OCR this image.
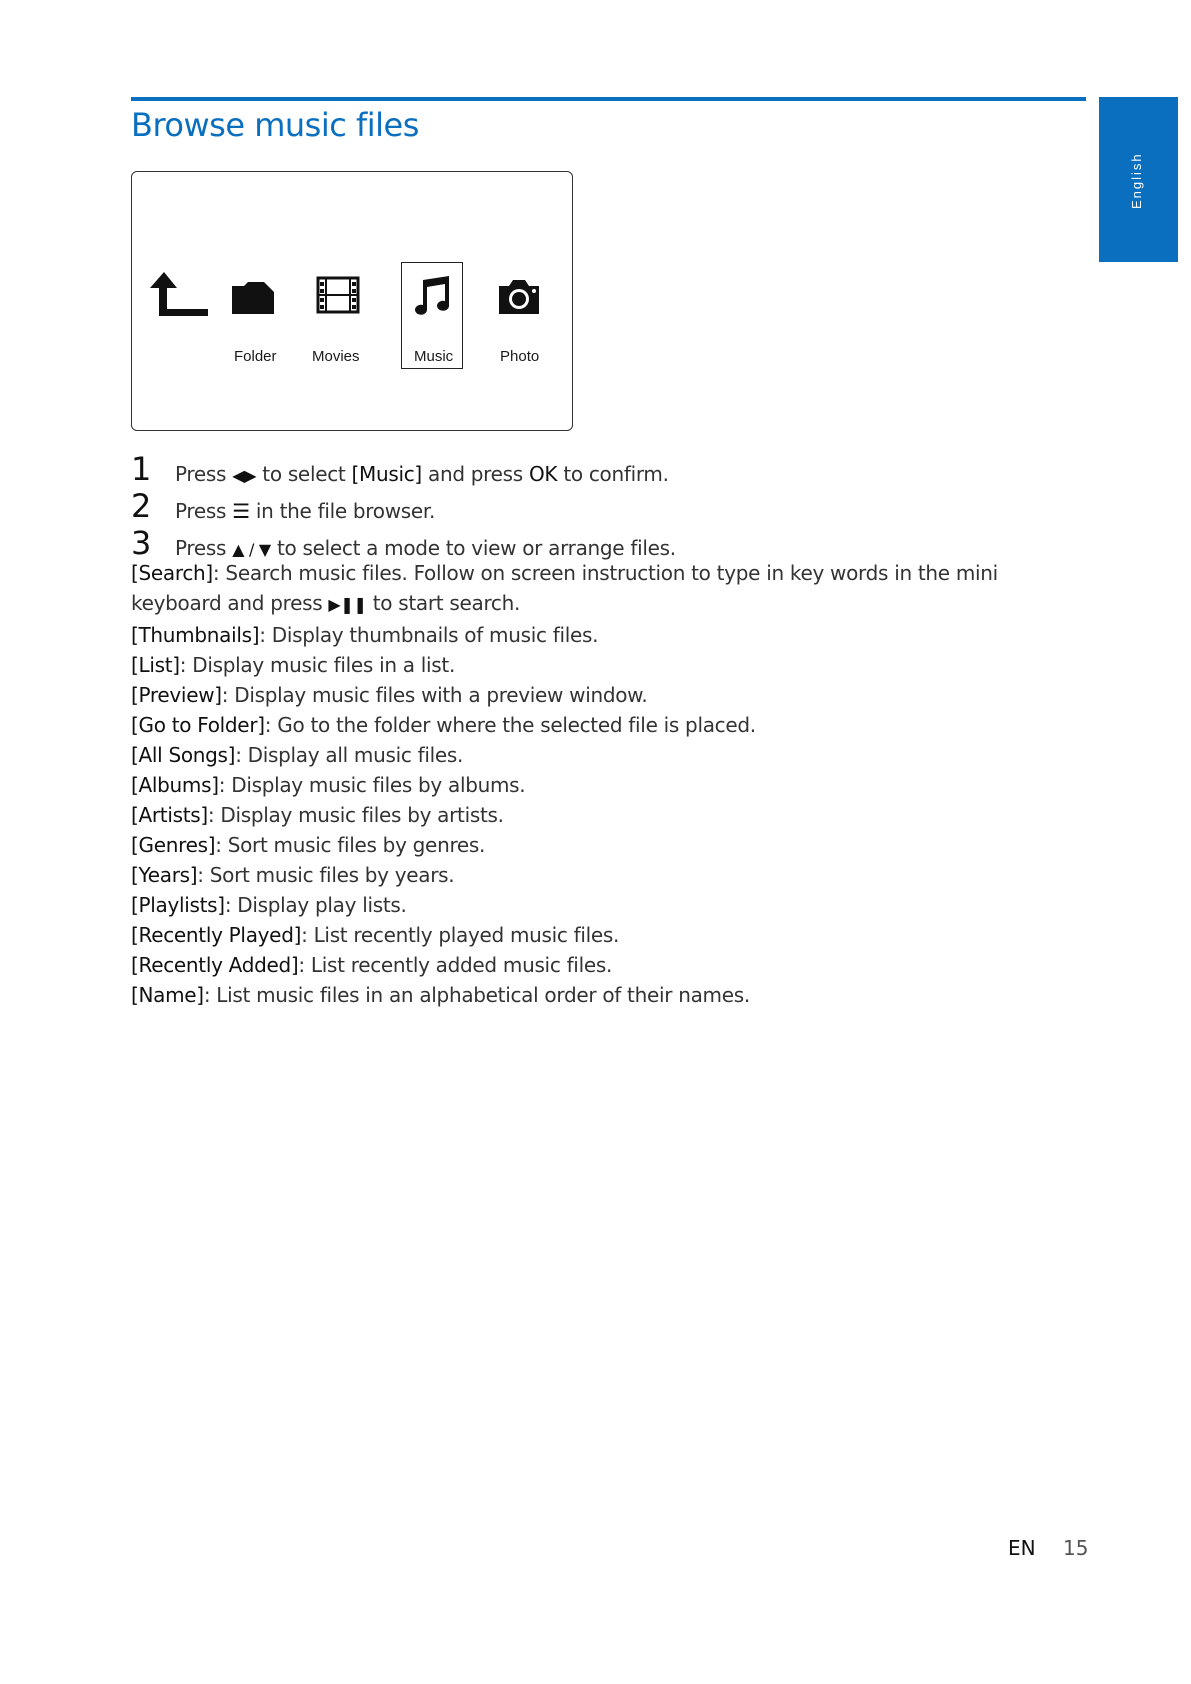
Browse music files
English
Folder Movies	Music	Photo
1 Press ◀▶ to select [Music] and press OK to confirm.
2 Press ☰ in the file browser.
3 Press ▲ / ▼ to select a mode to view or arrange files.
[Search]: Search music files. Follow on screen instruction to type in key words in the mini keyboard and press ▶❚❚ to start search.
[Thumbnails]: Display thumbnails of music files.
[List]: Display music files in a list.
[Preview]: Display music files with a preview window.
[Go to Folder]: Go to the folder where the selected file is placed.
[All Songs]: Display all music files.
[Albums]: Display music files by albums.
[Artists]: Display music files by artists.
[Genres]: Sort music files by genres.
[Years]: Sort music files by years.
[Playlists]: Display play lists.
[Recently Played]: List recently played music files.
[Recently Added]: List recently added music files.
[Name]: List music files in an alphabetical order of their names.
EN 15
